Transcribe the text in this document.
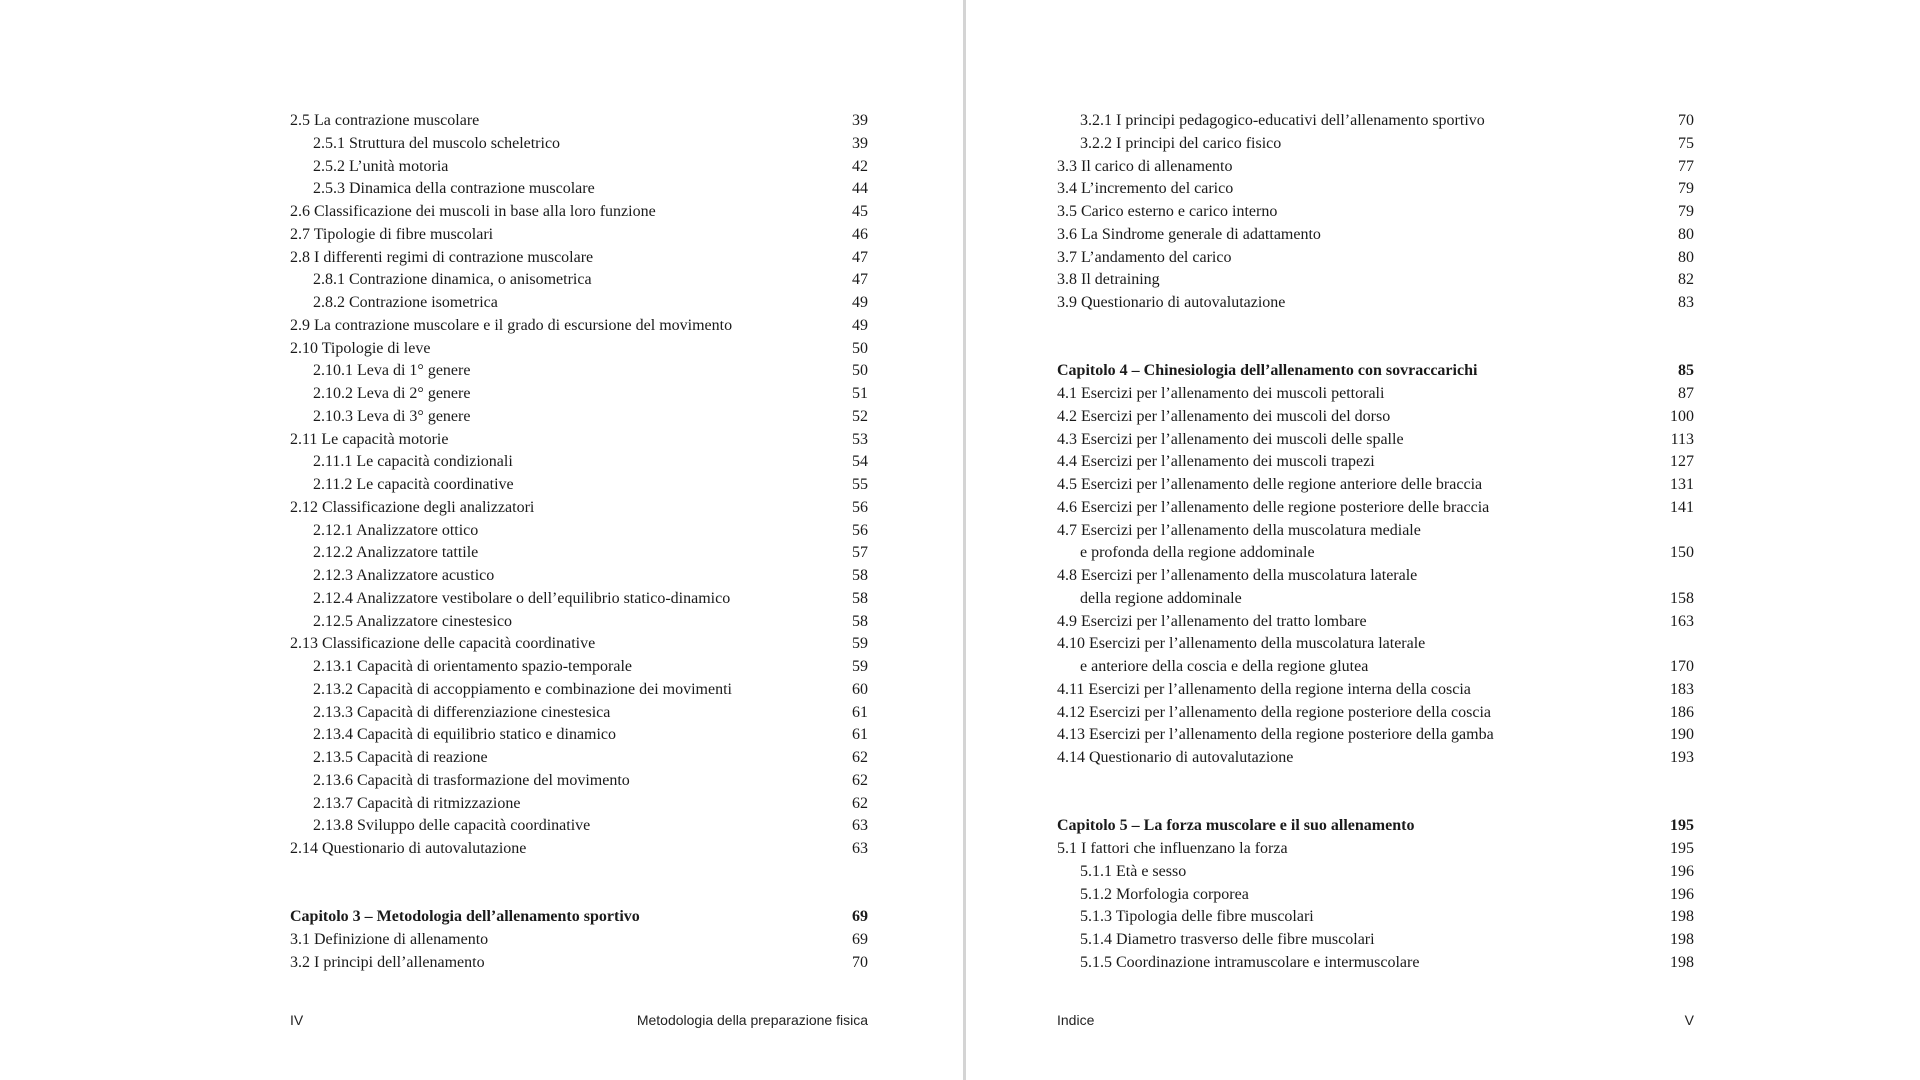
2.5 La contrazione muscolare	39
2.5.1 Struttura del muscolo scheletrico	39
2.5.2 L’unità motoria	42
2.5.3 Dinamica della contrazione muscolare	44
2.6 Classificazione dei muscoli in base alla loro funzione	45
2.7 Tipologie di fibre muscolari	46
2.8 I differenti regimi di contrazione muscolare	47
2.8.1 Contrazione dinamica, o anisometrica	47
2.8.2 Contrazione isometrica	49
2.9 La contrazione muscolare e il grado di escursione del movimento	49
2.10 Tipologie di leve	50
2.10.1 Leva di 1° genere	50
2.10.2 Leva di 2° genere	51
2.10.3 Leva di 3° genere	52
2.11 Le capacità motorie	53
2.11.1 Le capacità condizionali	54
2.11.2 Le capacità coordinative	55
2.12 Classificazione degli analizzatori	56
2.12.1 Analizzatore ottico	56
2.12.2 Analizzatore tattile	57
2.12.3 Analizzatore acustico	58
2.12.4 Analizzatore vestibolare o dell’equilibrio statico-dinamico	58
2.12.5 Analizzatore cinestesico	58
2.13 Classificazione delle capacità coordinative	59
2.13.1 Capacità di orientamento spazio-temporale	59
2.13.2 Capacità di accoppiamento e combinazione dei movimenti	60
2.13.3 Capacità di differenziazione cinestesica	61
2.13.4 Capacità di equilibrio statico e dinamico	61
2.13.5 Capacità di reazione	62
2.13.6 Capacità di trasformazione del movimento	62
2.13.7 Capacità di ritmizzazione	62
2.13.8 Sviluppo delle capacità coordinative	63
2.14 Questionario di autovalutazione	63
Capitolo 3 – Metodologia dell’allenamento sportivo	69
3.1 Definizione di allenamento	69
3.2 I principi dell’allenamento	70
IV	Metodologia della preparazione fisica
3.2.1 I principi pedagogico-educativi dell’allenamento sportivo	70
3.2.2 I principi del carico fisico	75
3.3 Il carico di allenamento	77
3.4 L’incremento del carico	79
3.5 Carico esterno e carico interno	79
3.6 La Sindrome generale di adattamento	80
3.7 L’andamento del carico	80
3.8 Il detraining	82
3.9 Questionario di autovalutazione	83
Capitolo 4 – Chinesiologia dell’allenamento con sovraccarichi	85
4.1 Esercizi per l’allenamento dei muscoli pettorali	87
4.2 Esercizi per l’allenamento dei muscoli del dorso	100
4.3 Esercizi per l’allenamento dei muscoli delle spalle	113
4.4 Esercizi per l’allenamento dei muscoli trapezi	127
4.5 Esercizi per l’allenamento delle regione anteriore delle braccia	131
4.6 Esercizi per l’allenamento delle regione posteriore delle braccia	141
4.7 Esercizi per l’allenamento della muscolatura mediale
e profonda della regione addominale	150
4.8 Esercizi per l’allenamento della muscolatura laterale
della regione addominale	158
4.9 Esercizi per l’allenamento del tratto lombare	163
4.10 Esercizi per l’allenamento della muscolatura laterale
e anteriore della coscia e della regione glutea	170
4.11 Esercizi per l’allenamento della regione interna della coscia	183
4.12 Esercizi per l’allenamento della regione posteriore della coscia	186
4.13 Esercizi per l’allenamento della regione posteriore della gamba	190
4.14 Questionario di autovalutazione	193
Capitolo 5 – La forza muscolare e il suo allenamento	195
5.1 I fattori che influenzano la forza	195
5.1.1 Età e sesso	196
5.1.2 Morfologia corporea	196
5.1.3 Tipologia delle fibre muscolari	198
5.1.4 Diametro trasverso delle fibre muscolari	198
5.1.5 Coordinazione intramuscolare e intermuscolare	198
Indice	V
